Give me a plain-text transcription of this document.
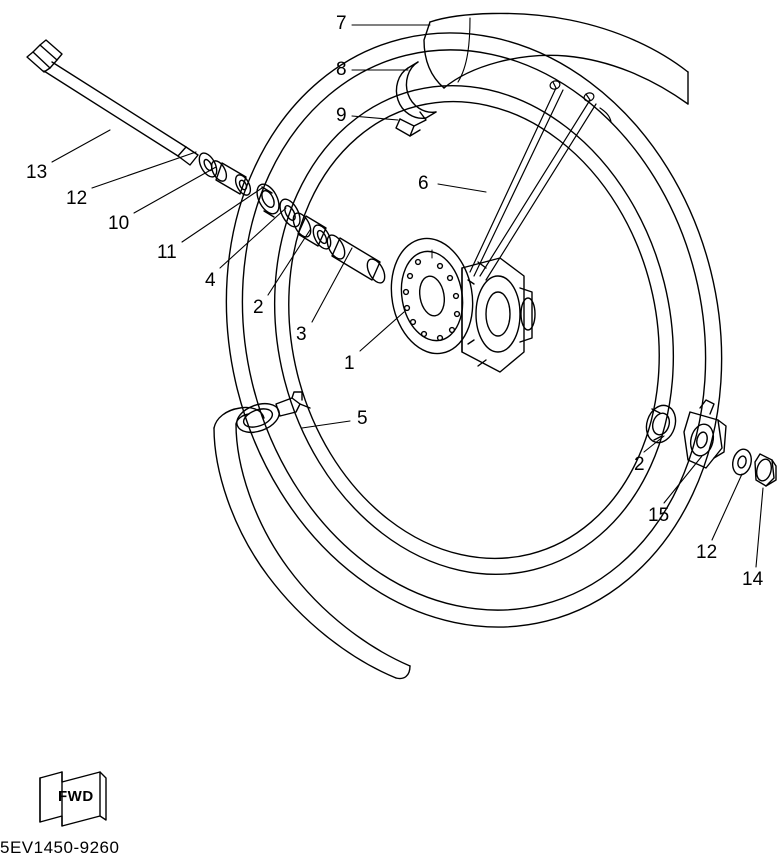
7
8
9
13
12
10
11
4
2
3
1
6
5
2
15
12
14
FWD
5EV1450-9260
